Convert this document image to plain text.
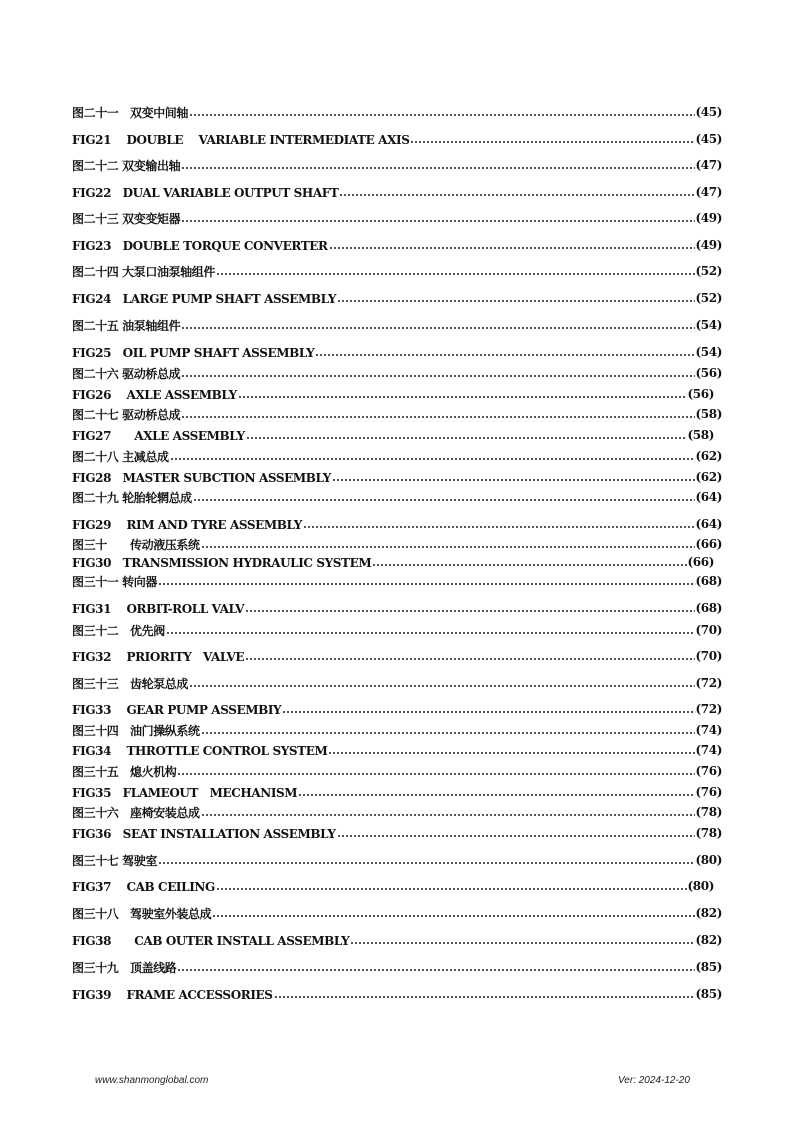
图二十一　双变中间轴	(45)
FIG21　 DOUBLE　 VARIABLE INTERMEDIATE AXIS	(45)
图二十二 双变输出轴	(47)
FIG22　DUAL VARIABLE OUTPUT SHAFT	(47)
图二十三 双变变矩器	(49)
FIG23　DOUBLE TORQUE CONVERTER	(49)
图二十四 大泵口油泵轴组件	(52)
FIG24　LARGE PUMP SHAFT ASSEMBLY	(52)
图二十五 油泵轴组件	(54)
FIG25　OIL PUMP SHAFT ASSEMBLY	(54)
图二十六 驱动桥总成	(56)
FIG26　 AXLE ASSEMBLY	(56)
图二十七 驱动桥总成	(58)
FIG27　　AXLE ASSEMBLY	(58)
图二十八 主减总成	(62)
FIG28　MASTER SUBCTION ASSEMBLY	(62)
图二十九 轮胎轮辋总成	(64)
FIG29　 RIM AND TYRE ASSEMBLY	(64)
图三十　　传动液压系统	(66)
FIG30　TRANSMISSION HYDRAULIC SYSTEM	(66)
图三十一 转向器	(68)
FIG31　 ORBIT-ROLL VALV	(68)
图三十二　优先阀	(70)
FIG32　 PRIORITY　VALVE	(70)
图三十三　齿轮泵总成	(72)
FIG33　 GEAR PUMP ASSEMBIY	(72)
图三十四　油门操纵系统	(74)
FIG34　 THROTTLE CONTROL SYSTEM	(74)
图三十五　熄火机构	(76)
FIG35　FLAMEOUT　MECHANISM	(76)
图三十六　座椅安装总成	(78)
FIG36　SEAT INSTALLATION ASSEMBLY	(78)
图三十七 驾驶室	(80)
FIG37　 CAB CEILING	(80)
图三十八　驾驶室外装总成	(82)
FIG38　　CAB OUTER INSTALL ASSEMBLY	(82)
图三十九　顶盖线路	(85)
FIG39　 FRAME ACCESSORIES	(85)
www.shanmonglobal.com	Ver: 2024-12-20
